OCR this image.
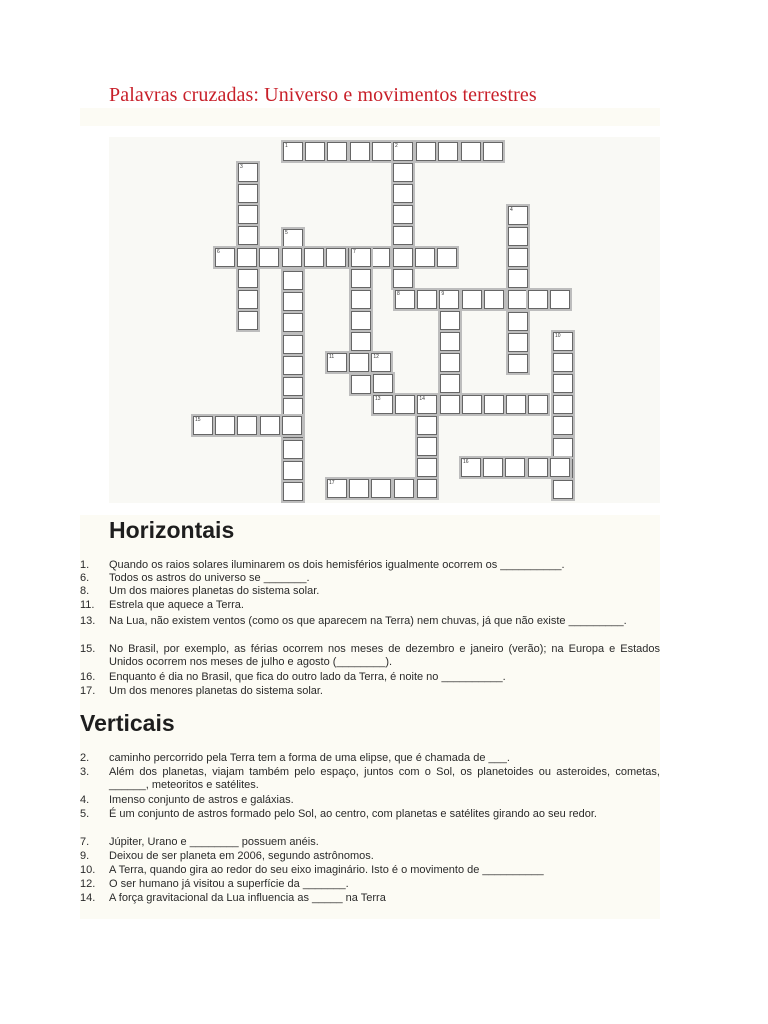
Palavras cruzadas: Universo e movimentos terrestres
1	2
3
4
5
6	7
8	9
10
11	12
13	14
15
16
17
Horizontais
Verticais
1. Quando os raios solares iluminarem os dois hemisférios igualmente ocorrem os __________.
6. Todos os astros do universo se _______.
8. Um dos maiores planetas do sistema solar.
11. Estrela que aquece a Terra.
13. Na Lua, não existem ventos (como os que aparecem na Terra) nem chuvas, já que não existe _________.
15. No Brasil, por exemplo, as férias ocorrem nos meses de dezembro e janeiro (verão); na Europa e Estados Unidos ocorrem nos meses de julho e agosto (________).
16. Enquanto é dia no Brasil, que fica do outro lado da Terra, é noite no __________.
17. Um dos menores planetas do sistema solar.
2. caminho percorrido pela Terra tem a forma de uma elipse, que é chamada de ___.
3. Além dos planetas, viajam também pelo espaço, juntos com o Sol, os planetoides ou asteroides, cometas, ______, meteoritos e satélites.
4. Imenso conjunto de astros e galáxias.
5. É um conjunto de astros formado pelo Sol, ao centro, com planetas e satélites girando ao seu redor.
7. Júpiter, Urano e ________ possuem anéis.
9. Deixou de ser planeta em 2006, segundo astrônomos.
10. A Terra, quando gira ao redor do seu eixo imaginário. Isto é o movimento de __________
12. O ser humano já visitou a superfície da _______.
14. A força gravitacional da Lua influencia as _____ na Terra
